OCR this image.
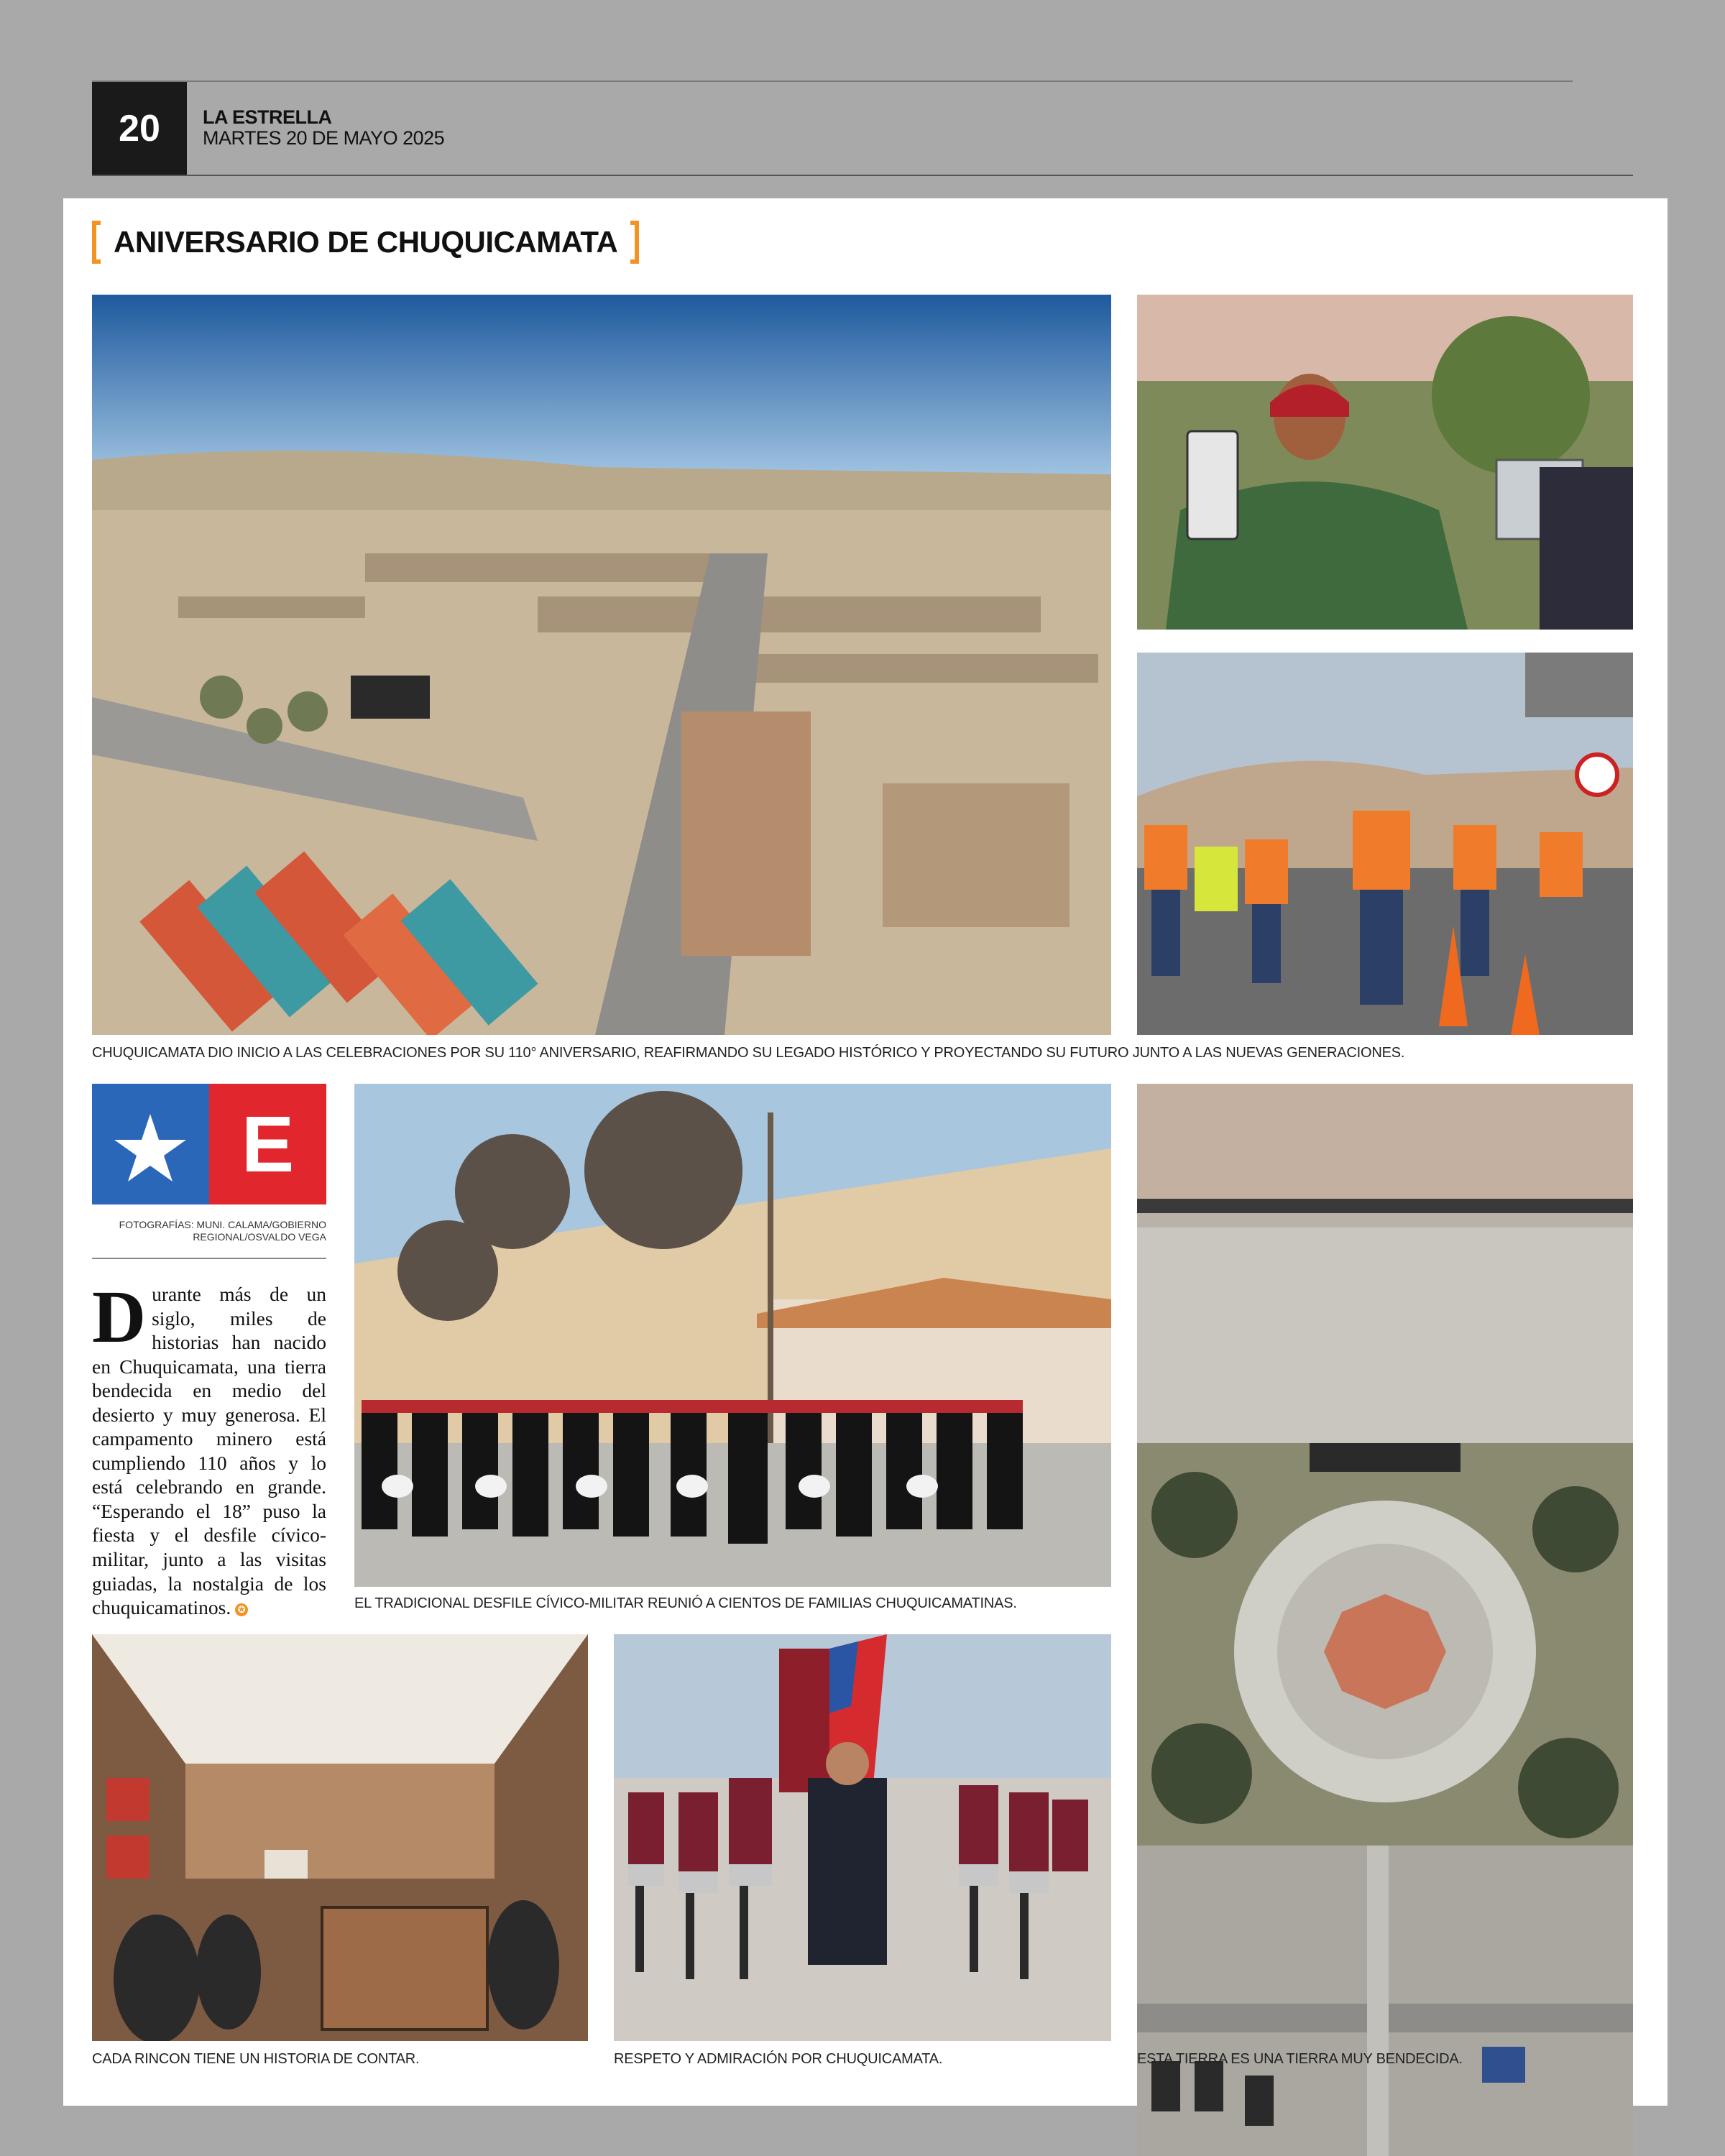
20	LA ESTRELLA
MARTES 20 DE MAYO 2025
ANIVERSARIO DE CHUQUICAMATA
CHUQUICAMATA DIO INICIO A LAS CELEBRACIONES POR SU 110° ANIVERSARIO, REAFIRMANDO SU LEGADO HISTÓRICO Y PROYECTANDO SU FUTURO JUNTO A LAS NUEVAS GENERACIONES.
E
FOTOGRAFÍAS: MUNI. CALAMA/GOBIERNO REGIONAL/OSVALDO VEGA
Durante más de un siglo, miles de historias han nacido en Chuquicamata, una tierra bendecida en medio del desierto y muy generosa. El campamento minero está cumpliendo 110 años y lo está celebrando en grande. “Esperando el 18” puso la fiesta y el desfile cívico-militar, junto a las visitas guiadas, la nostalgia de los chuquicamatinos. ✪	EL TRADICIONAL DESFILE CÍVICO-MILITAR REUNIÓ A CIENTOS DE FAMILIAS CHUQUICAMATINAS.
CADA RINCON TIENE UN HISTORIA DE CONTAR.	RESPETO Y ADMIRACIÓN POR CHUQUICAMATA.	ESTA TIERRA ES UNA TIERRA MUY BENDECIDA.
